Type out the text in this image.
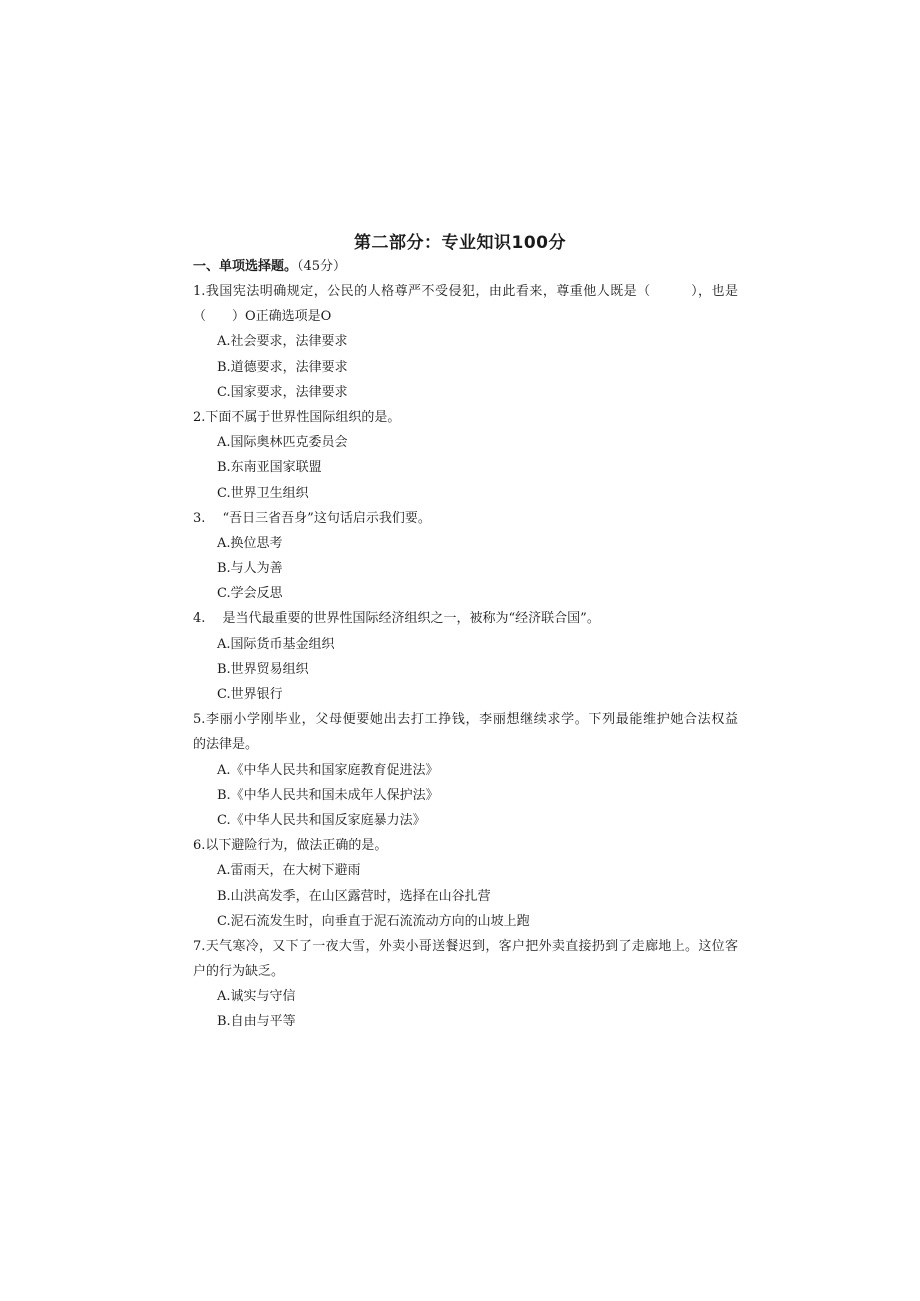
第二部分：专业知识100分
一、单项选择题。（45分）
1.我国宪法明确规定，公民的人格尊严不受侵犯，由此看来，尊重他人既是（　　　），也是
（　　）O正确选项是O
A.社会要求，法律要求
B.道德要求，法律要求
C.国家要求，法律要求
2.下面不属于世界性国际组织的是。
A.国际奥林匹克委员会
B.东南亚国家联盟
C.世界卫生组织
3.　 “吾日三省吾身”这句话启示我们要。
A.换位思考
B.与人为善
C.学会反思
4.　 是当代最重要的世界性国际经济组织之一，被称为“经济联合国”。
A.国际货币基金组织
B.世界贸易组织
C.世界银行
5.李丽小学刚毕业，父母便要她出去打工挣钱，李丽想继续求学。下列最能维护她合法权益
的法律是。
A.《中华人民共和国家庭教育促进法》
B.《中华人民共和国未成年人保护法》
C.《中华人民共和国反家庭暴力法》
6.以下避险行为，做法正确的是。
A.雷雨天，在大树下避雨
B.山洪高发季，在山区露营时，选择在山谷扎营
C.泥石流发生时，向垂直于泥石流流动方向的山坡上跑
7.天气寒冷，又下了一夜大雪，外卖小哥送餐迟到，客户把外卖直接扔到了走廊地上。这位客
户的行为缺乏。
A.诚实与守信
B.自由与平等
